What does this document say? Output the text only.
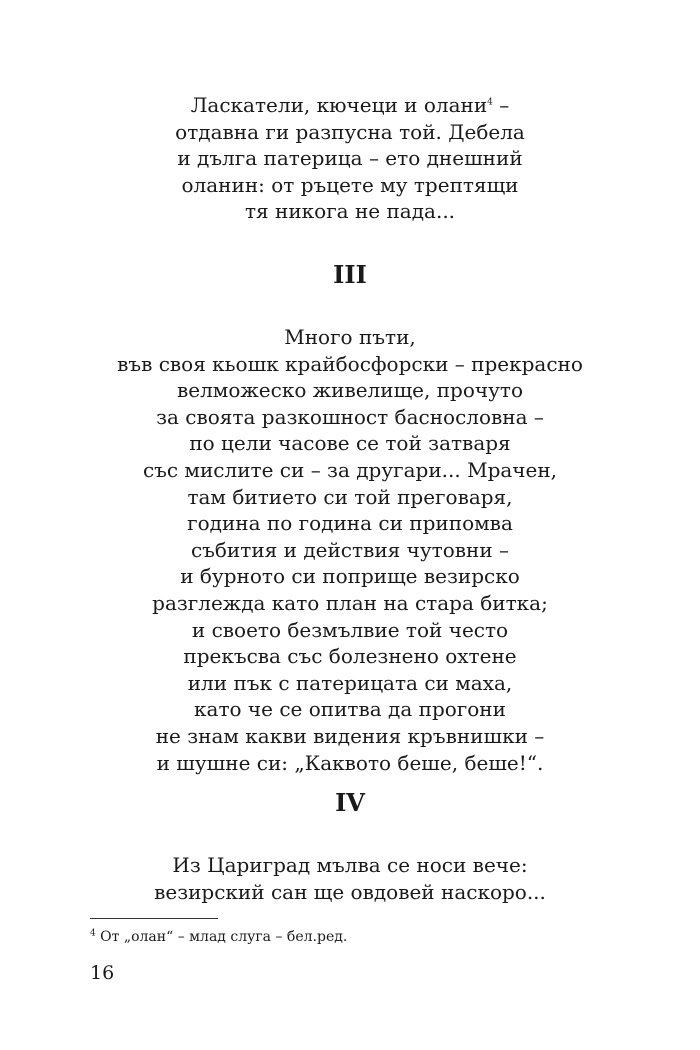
Ласкатели, кючеци и олани$^4$ –
отдавна ги разпусна той. Дебела
и дълга патерица – ето днешний
оланин: от ръцете му трептящи
тя никога не пада...
III
Много пъти,
във своя кьошк крайбосфорски – прекрасно
велможеско живелище, прочуто
за своята разкошност баснословна –
по цели часове се той затваря
със мислите си – за другари... Мрачен,
там битието си той преговаря,
година по година си припомва
събития и действия чутовни –
и бурното си поприще везирско
разглежда като план на стара битка;
и своето безмълвие той често
прекъсва със болезнено охтене
или пък с патерицата си маха,
като че се опитва да прогони
не знам какви видения кръвнишки –
и шушне си: „Каквото беше, беше!“.
IV
Из Цариград мълва се носи вече:
везирский сан ще овдовей наскоро...
$^4$ От „олан“ – млад слуга – бел.ред.
16
